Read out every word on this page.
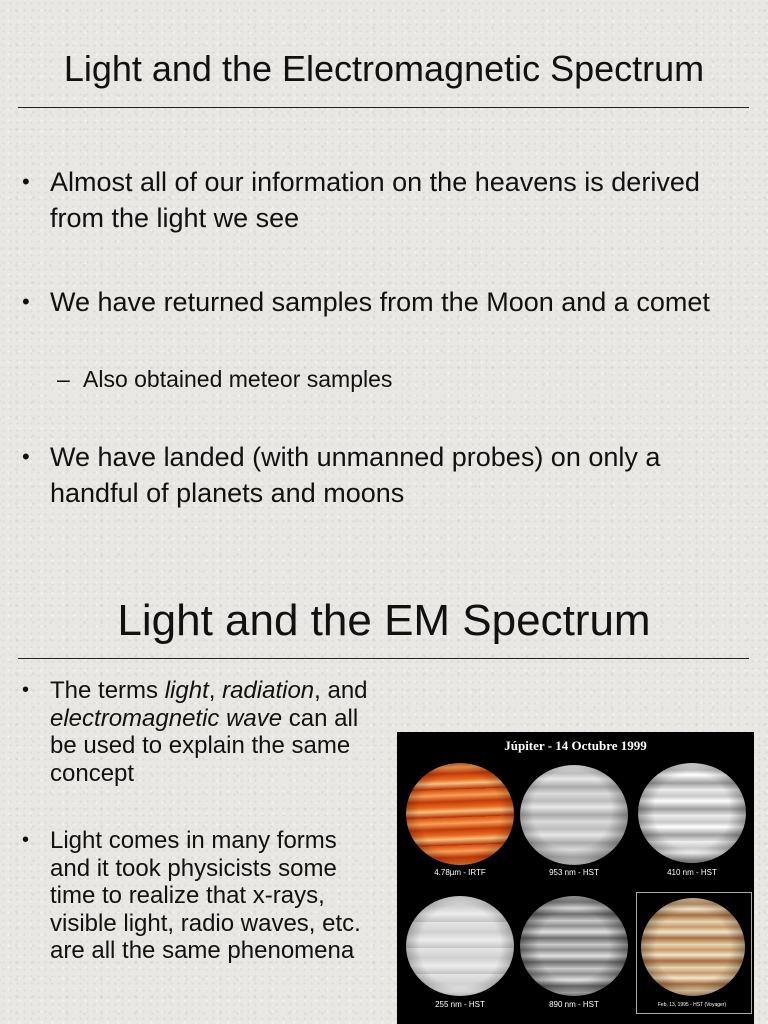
Light and the Electromagnetic Spectrum
• Almost all of our information on the heavens is derived from the light we see
• We have returned samples from the Moon and a comet
– Also obtained meteor samples
• We have landed (with unmanned probes) on only a handful of planets and moons
Light and the EM Spectrum
• The terms light, radiation, and electromagnetic wave can all be used to explain the same concept
• Light comes in many forms and it took physicists some time to realize that x-rays, visible light, radio waves, etc. are all the same phenomena
Júpiter - 14 Octubre 1999
4.78µm - IRTF	953 nm - HST	410 nm - HST
255 nm - HST	890 nm - HST	Feb. 13, 1995 - HST (Voyager)
